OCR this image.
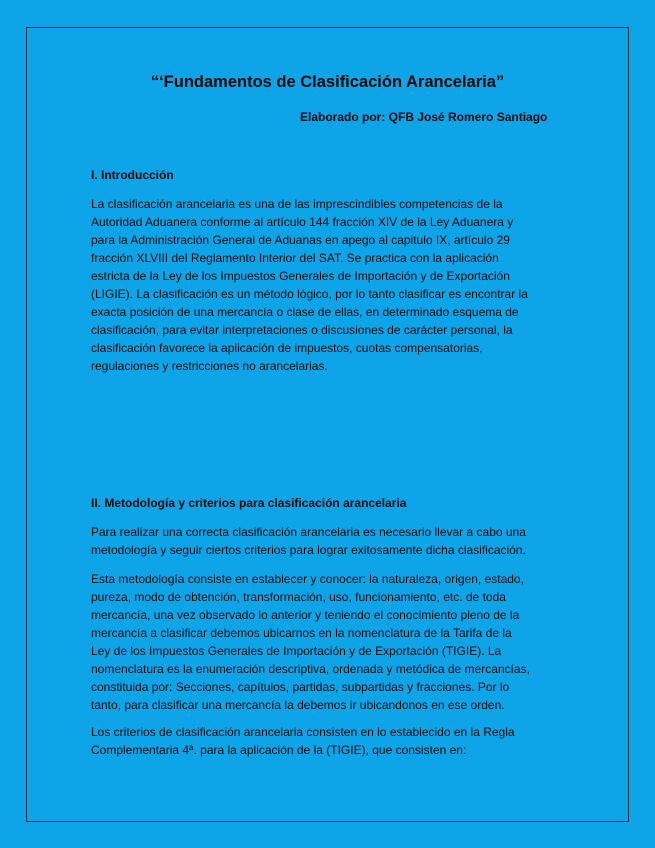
“‘Fundamentos de Clasificación Arancelaria”

Elaborado por: QFB José Romero Santiago

I. Introducción

La clasificación arancelaria es una de las imprescindibles competencias de la
Autoridad Aduanera conforme al artículo 144 fracción XIV de la Ley Aduanera y
para la Administración General de Aduanas en apego al capitulo IX, artículo 29
fracción XLVIII del Reglamento Interior del SAT. Se practica con la aplicación
estricta de la Ley de los Impuestos Generales de Importación y de Exportación
(LIGIE). La clasificación es un método lógico, por lo tanto clasificar es encontrar la
exacta posición de una mercancía o clase de ellas, en determinado esquema de
clasificación, para evitar interpretaciones o discusiones de carácter personal, la
clasificación favorece la aplicación de impuestos, cuotas compensatorias,
regulaciones y restricciones no arancelarias.

II. Metodología y criterios para clasificación arancelaria

Para realizar una correcta clasificación arancelaria es necesario llevar a cabo una
metodología y seguir ciertos criterios para lograr exitosamente dicha clasificación.

Esta metodología consiste en establecer y conocer: la naturaleza, origen, estado,
pureza, modo de obtención, transformación, uso, funcionamiento, etc. de toda
mercancía, una vez observado lo anterior y teniendo el conocimiento pleno de la
mercancía a clasificar debemos ubicarnos en la nomenclatura de la Tarifa de la
Ley de los Impuestos Generales de Importación y de Exportación (TIGIE). La
nomenclatura es la enumeración descriptiva, ordenada y metódica de mercancías,
constituida por: Secciones, capítulos, partidas, subpartidas y fracciones. Por lo
tanto, para clasificar una mercancía la debemos ir ubicandonos en ese orden.

Los criterios de clasificación arancelaria consisten en lo establecido en la Regla
Complementaria 4ª. para la aplicación de la (TIGIE), que consisten en:
